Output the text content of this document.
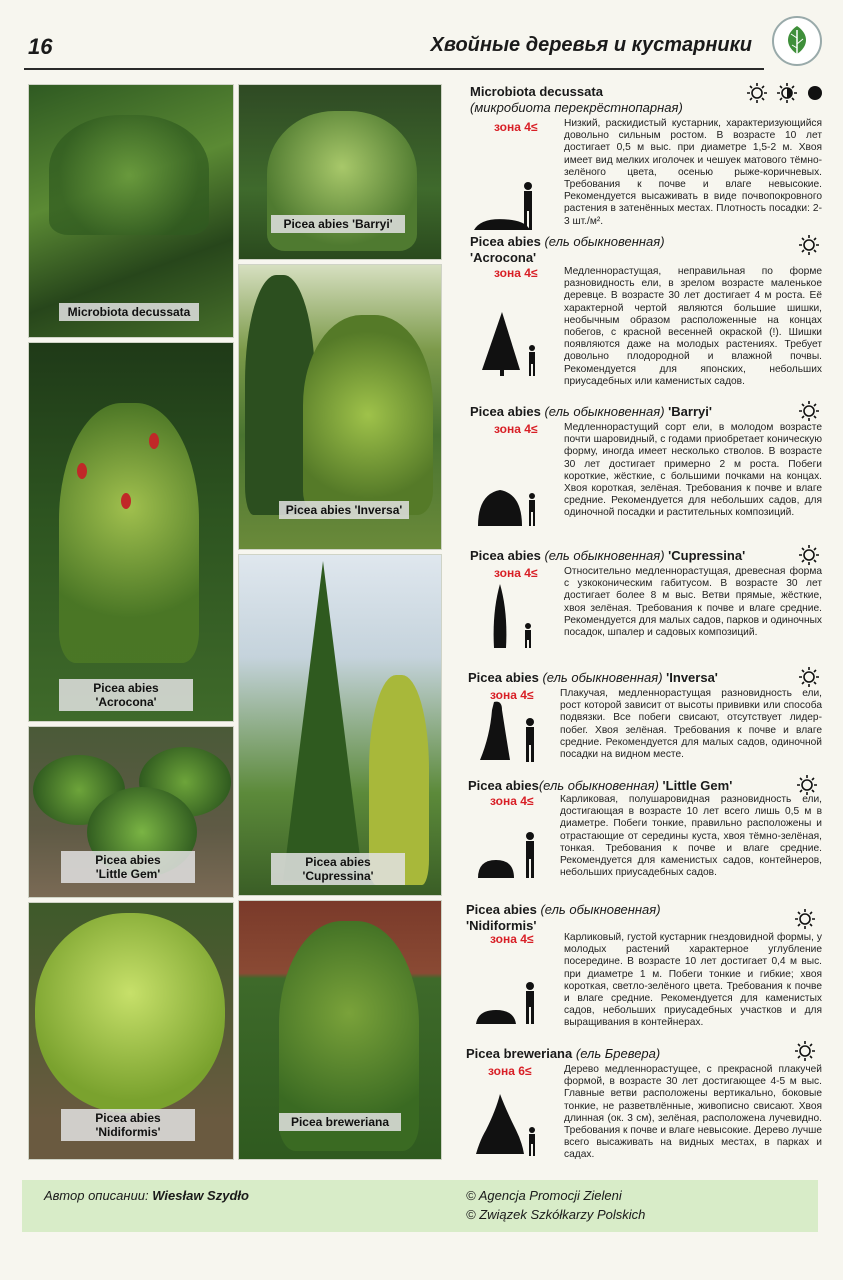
16	Хвойные деревья и кустарники
Microbiota decussata
Picea abies 'Barryi'
Picea abies
'Acrocona'
Picea abies 'Inversa'
Picea abies
'Cupressina'
Picea abies
'Little Gem'
Picea abies
'Nidiformis'
Picea breweriana
Microbiota decussata
(микробиота перекрёстнопарная)
зона 4≤	Низкий, раскидистый кустарник, характеризующийся довольно сильным ростом. В возрасте 10 лет достигает 0,5 м выс. при диаметре 1,5-2 м. Хвоя имеет вид мелких иголочек и чешуек матового тёмно-зелёного цвета, осенью рыже-коричневых. Требования к почве и влаге невысокие. Рекомендуется высаживать в виде почвопокровного растения в затенённых местах. Плотность посадки: 2-3 шт./м².
Picea abies (ель обыкновенная)
'Acrocona'
зона 4≤	Медленнорастущая, неправильная по форме разновидность ели, в зрелом возрасте маленькое деревце. В возрасте 30 лет достигает 4 м роста. Её характерной чертой являются большие шишки, необычным образом расположенные на концах побегов, с красной весенней окраской (!). Шишки появляются даже на молодых растениях. Требует довольно плодородной и влажной почвы. Рекомендуется для японских, небольших приусадебных или каменистых садов.
Picea abies (ель обыкновенная) 'Barryi'
зона 4≤	Медленнорастущий сорт ели, в молодом возрасте почти шаровидный, с годами приобретает коническую форму, иногда имеет несколько стволов. В возрасте 30 лет достигает примерно 2 м роста. Побеги короткие, жёсткие, с большими почками на концах. Хвоя короткая, зелёная. Требования к почве и влаге средние. Рекомендуется для небольших садов, для одиночной посадки и растительных композиций.
Picea abies (ель обыкновенная) 'Cupressina'
зона 4≤	Относительно медленнорастущая, древесная форма с узкоконическим габитусом. В возрасте 30 лет достигает более 8 м выс. Ветви прямые, жёсткие, хвоя зелёная. Требования к почве и влаге средние. Рекомендуется для малых садов, парков и одиночных посадок, шпалер и садовых композиций.
Picea abies (ель обыкновенная) 'Inversa'
зона 4≤	Плакучая, медленнорастущая разновидность ели, рост которой зависит от высоты прививки или способа подвязки. Все побеги свисают, отсутствует лидер-побег. Хвоя зелёная. Требования к почве и влаге средние. Рекомендуется для малых садов, одиночной посадки на видном месте.
Picea abies(ель обыкновенная) 'Little Gem'
зона 4≤	Карликовая, полушаровидная разновидность ели, достигающая в возрасте 10 лет всего лишь 0,5 м в диаметре. Побеги тонкие, правильно расположены и отрастающие от середины куста, хвоя тёмно-зелёная, тонкая. Требования к почве и влаге средние. Рекомендуется для каменистых садов, контейнеров, небольших приусадебных садов.
Picea abies (ель обыкновенная)
'Nidiformis'
зона 4≤	Карликовый, густой кустарник гнездовидной формы, у молодых растений характерное углубление посередине. В возрасте 10 лет достигает 0,4 м выс. при диаметре 1 м. Побеги тонкие и гибкие; хвоя короткая, светло-зелёного цвета. Требования к почве и влаге средние. Рекомендуется для каменистых садов, небольших приусадебных участков и для выращивания в контейнерах.
Picea breweriana (ель Бревера)
зона 6≤	Дерево медленнорастущее, с прекрасной плакучей формой, в возрасте 30 лет достигающее 4-5 м выс. Главные ветви расположены вертикально, боковые тонкие, не разветвлённые, живописно свисают. Хвоя длинная (ок. 3 см), зелёная, расположена лучевидно. Требования к почве и влаге невысокие. Дерево лучше всего высаживать на видных местах, в парках и садах.
Автор описании: Wiesław Szydło	© Agencja Promocji Zieleni
© Związek Szkółkarzy Polskich
